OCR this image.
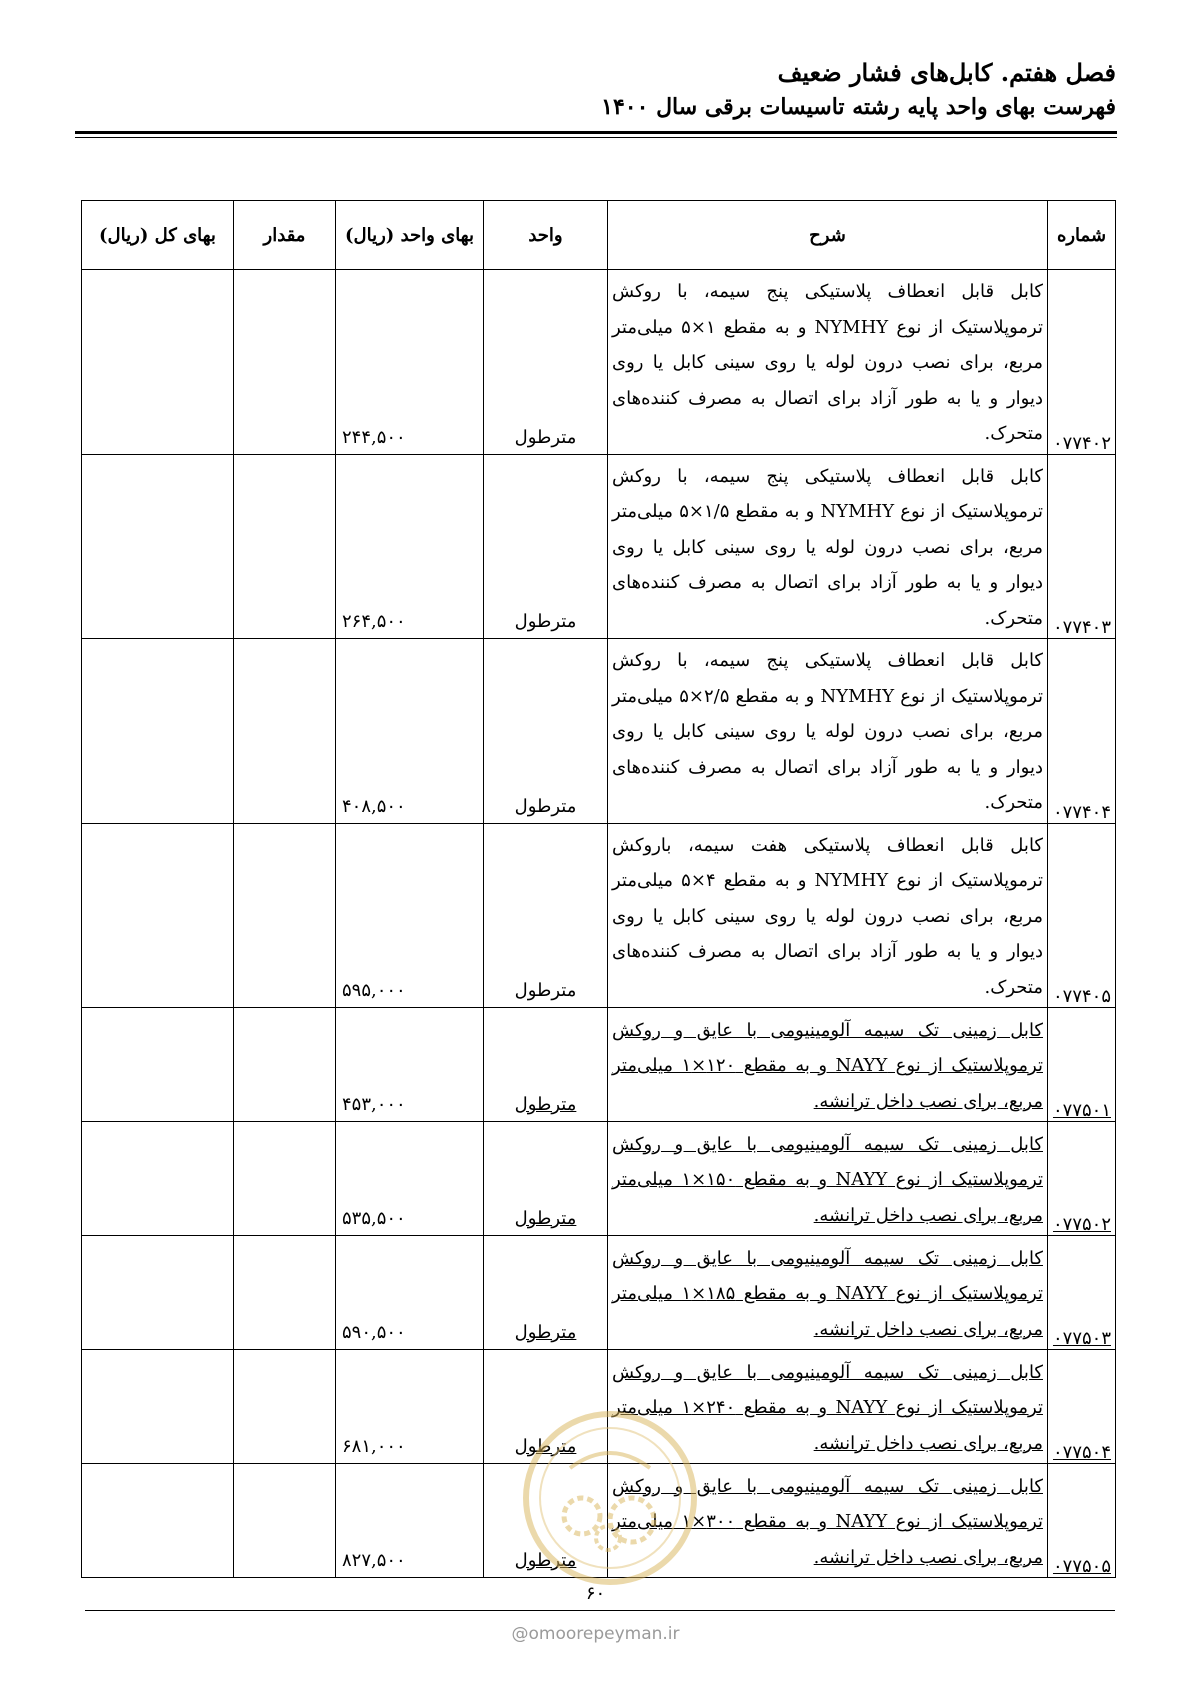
فصل هفتم. کابل‌های فشار ضعیف
فهرست بهای واحد پایه رشته تاسیسات برقی سال ۱۴۰۰
شماره	شرح	واحد	بهای واحد (ریال)	مقدار	بهای کل (ریال)
۰۷۷۴۰۲	کابل قابل انعطاف پلاستیکی پنج سیمه، با روکش ترموپلاستیک از نوع NYMHY و به مقطع ۱×۵ میلی‌متر مربع، برای نصب درون لوله یا روی سینی کابل یا روی دیوار و یا به طور آزاد برای اتصال به مصرف کننده‌های متحرک.	مترطول	۲۴۴,۵۰۰		
۰۷۷۴۰۳	کابل قابل انعطاف پلاستیکی پنج سیمه، با روکش ترموپلاستیک از نوع NYMHY و به مقطع ۱/۵×۵ میلی‌متر مربع، برای نصب درون لوله یا روی سینی کابل یا روی دیوار و یا به طور آزاد برای اتصال به مصرف کننده‌های متحرک.	مترطول	۲۶۴,۵۰۰		
۰۷۷۴۰۴	کابل قابل انعطاف پلاستیکی پنج سیمه، با روکش ترموپلاستیک از نوع NYMHY و به مقطع ۲/۵×۵ میلی‌متر مربع، برای نصب درون لوله یا روی سینی کابل یا روی دیوار و یا به طور آزاد برای اتصال به مصرف کننده‌های متحرک.	مترطول	۴۰۸,۵۰۰		
۰۷۷۴۰۵	کابل قابل انعطاف پلاستیکی هفت سیمه، باروکش ترموپلاستیک از نوع NYMHY و به مقطع ۴×۵ میلی‌متر مربع، برای نصب درون لوله یا روی سینی کابل یا روی دیوار و یا به طور آزاد برای اتصال به مصرف کننده‌های متحرک.	مترطول	۵۹۵,۰۰۰		
۰۷۷۵۰۱	کابل زمینی تک سیمه آلومینیومی با عایق و روکش ترموپلاستیک از نوع NAYY و به مقطع ۱۲۰×۱ میلی‌متر مربع، برای نصب داخل ترانشه.	مترطول	۴۵۳,۰۰۰		
۰۷۷۵۰۲	کابل زمینی تک سیمه آلومینیومی با عایق و روکش ترموپلاستیک از نوع NAYY و به مقطع ۱۵۰×۱ میلی‌متر مربع، برای نصب داخل ترانشه.	مترطول	۵۳۵,۵۰۰		
۰۷۷۵۰۳	کابل زمینی تک سیمه آلومینیومی با عایق و روکش ترموپلاستیک از نوع NAYY و به مقطع ۱۸۵×۱ میلی‌متر مربع، برای نصب داخل ترانشه.	مترطول	۵۹۰,۵۰۰		
۰۷۷۵۰۴	کابل زمینی تک سیمه آلومینیومی با عایق و روکش ترموپلاستیک از نوع NAYY و به مقطع ۲۴۰×۱ میلی‌متر مربع، برای نصب داخل ترانشه.	مترطول	۶۸۱,۰۰۰		
۰۷۷۵۰۵	کابل زمینی تک سیمه آلومینیومی با عایق و روکش ترموپلاستیک از نوع NAYY و به مقطع ۳۰۰×۱ میلی‌متر مربع، برای نصب داخل ترانشه.	مترطول	۸۲۷,۵۰۰		
۶۰
@omoorepeyman.ir
